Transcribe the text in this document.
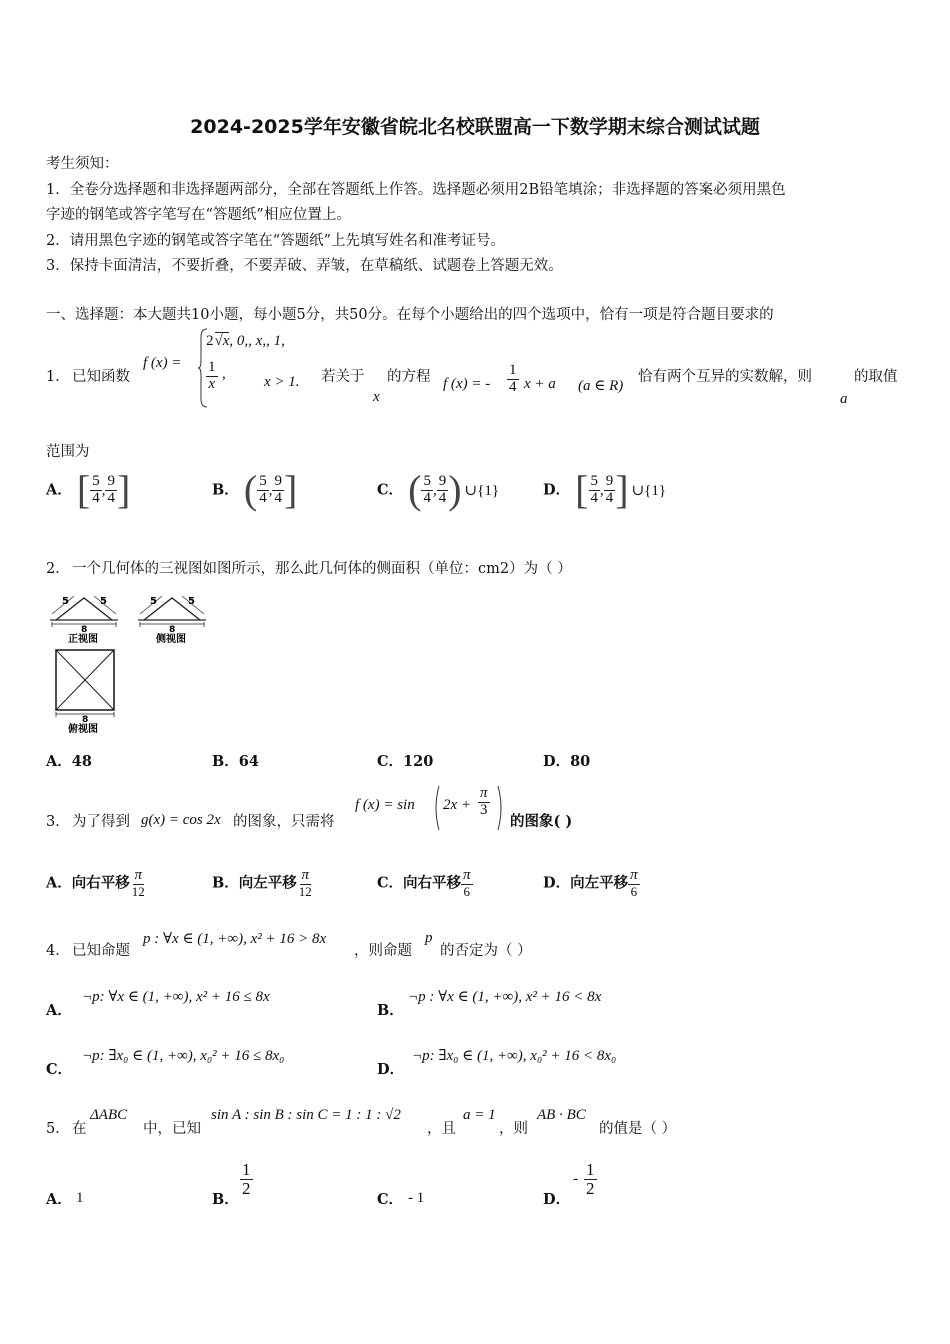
2024-2025学年安徽省皖北名校联盟高一下数学期末综合测试试题
考生须知：
1．全卷分选择题和非选择题两部分，全部在答题纸上作答。选择题必须用2B铅笔填涂；非选择题的答案必须用黑色
字迹的钢笔或答字笔写在“答题纸”相应位置上。
2．请用黑色字迹的钢笔或答字笔在“答题纸”上先填写姓名和准考证号。
3．保持卡面清洁，不要折叠，不要弄破、弄皱，在草稿纸、试题卷上答题无效。
一、选择题：本大题共10小题，每小题5分，共50分。在每个小题给出的四个选项中，恰有一项是符合题目要求的
1． 已知函数
f (x) =
2√x, 0,, x,, 1,
$\frac{1}{x}$ ,	x > 1. 若关于
x
的方程 f (x) = - $\frac{1}{4}$ x + a (a ∈ R)
恰有两个互异的实数解，则
a
的取值
范围为
A． [ $\frac{5}{4}$ , $\frac{9}{4}$ ]	B． ( $\frac{5}{4}$ , $\frac{9}{4}$ ]	C． ( $\frac{5}{4}$ , $\frac{9}{4}$ ) ∪{1}	D． [ $\frac{5}{4}$ , $\frac{9}{4}$ ] ∪{1}
2． 一个几何体的三视图如图所示，那么此几何体的侧面积（单位：cm2）为（ ）
5	5
8
正视图
5	5
8
侧视图
8
俯视图
A．48	B．64	C．120	D．80
3． 为了得到 g(x) = cos 2x 的图象，只需将
f $(x) = \sin 2x + \frac{\pi}{3}$
的图象( )
A．向右平移 $\frac{\pi}{12}$	B．向左平移 $\frac{\pi}{12}$	C．向右平移 $\frac{\pi}{6}$	D．向左平移 $\frac{\pi}{6}$
4． 已知命题
p : ∀x ∈ (1, +∞), x² + 16 > 8x
，则命题
p
的否定为（ ）
A．
¬p: ∀x ∈ (1, +∞), x² + 16 ≤ 8x
B．
¬p : ∀x ∈ (1, +∞), x² + 16 < 8x
C．
¬p: ∃x₀ ∈ (1, +∞), x₀² + 16 ≤ 8x₀
D．
¬p: ∃x₀ ∈ (1, +∞), x₀² + 16 < 8x₀
5． 在
ΔABC
中，已知
sin A : sin B : sin C = 1 : 1 : √2
，且
a = 1
，则
AB · BC
的值是（ ）
A． 1	B．
$\frac{1}{2}$
C． - 1	D．
- $\frac{1}{2}$
